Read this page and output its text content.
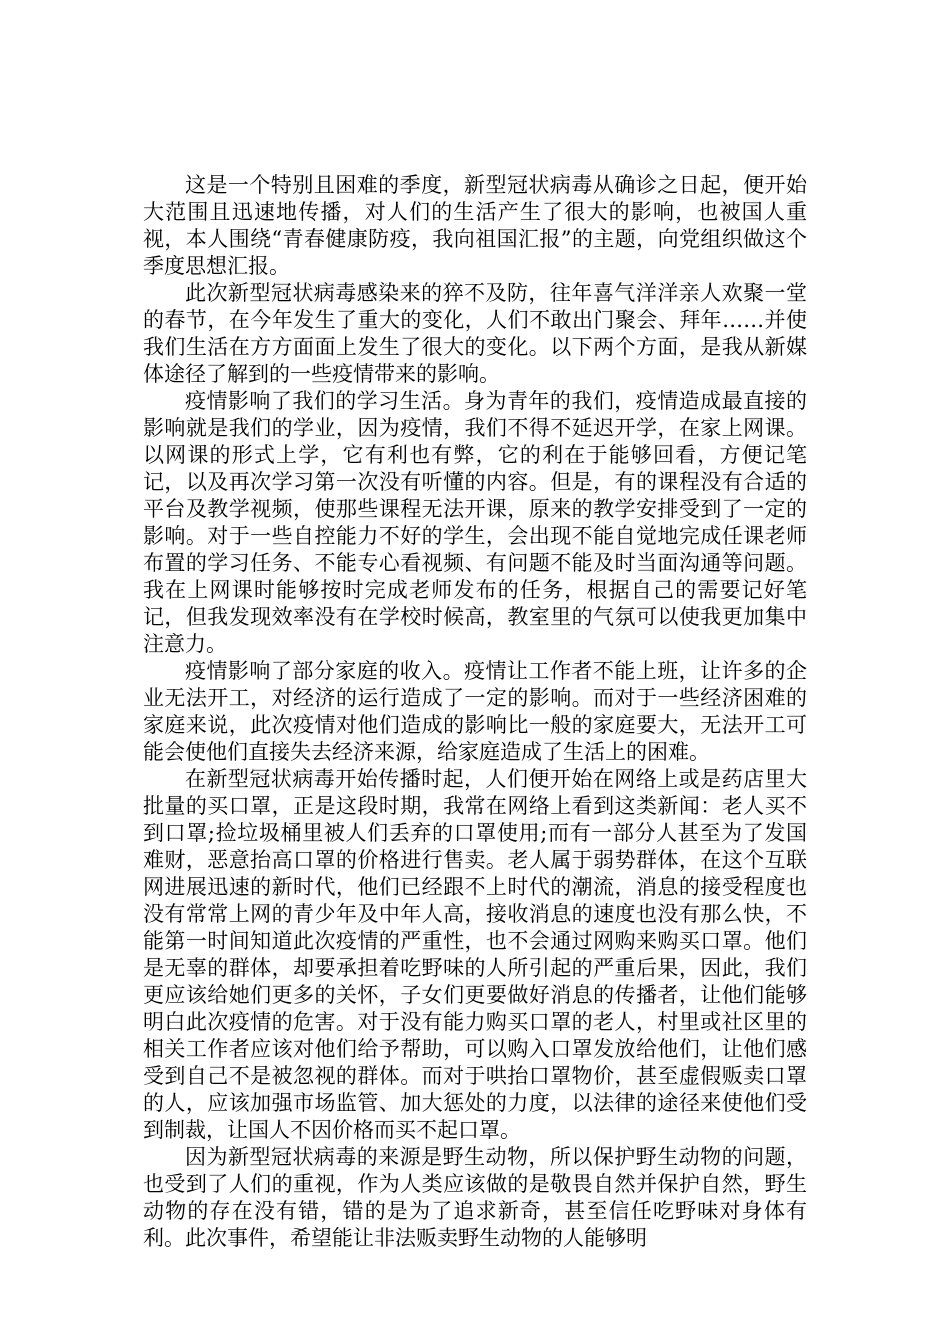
这是一个特别且困难的季度，新型冠状病毒从确诊之日起，便开始大范围且迅速地传播，对人们的生活产生了很大的影响，也被国人重视，本人围绕“青春健康防疫，我向祖国汇报”的主题，向党组织做这个季度思想汇报。

此次新型冠状病毒感染来的猝不及防，往年喜气洋洋亲人欢聚一堂的春节，在今年发生了重大的变化，人们不敢出门聚会、拜年……并使我们生活在方方面面上发生了很大的变化。以下两个方面，是我从新媒体途径了解到的一些疫情带来的影响。

疫情影响了我们的学习生活。身为青年的我们，疫情造成最直接的影响就是我们的学业，因为疫情，我们不得不延迟开学，在家上网课。以网课的形式上学，它有利也有弊，它的利在于能够回看，方便记笔记，以及再次学习第一次没有听懂的内容。但是，有的课程没有合适的平台及教学视频，使那些课程无法开课，原来的教学安排受到了一定的影响。对于一些自控能力不好的学生，会出现不能自觉地完成任课老师布置的学习任务、不能专心看视频、有问题不能及时当面沟通等问题。我在上网课时能够按时完成老师发布的任务，根据自己的需要记好笔记，但我发现效率没有在学校时候高，教室里的气氛可以使我更加集中注意力。

疫情影响了部分家庭的收入。疫情让工作者不能上班，让许多的企业无法开工，对经济的运行造成了一定的影响。而对于一些经济困难的家庭来说，此次疫情对他们造成的影响比一般的家庭要大，无法开工可能会使他们直接失去经济来源，给家庭造成了生活上的困难。

在新型冠状病毒开始传播时起，人们便开始在网络上或是药店里大批量的买口罩，正是这段时期，我常在网络上看到这类新闻：老人买不到口罩;捡垃圾桶里被人们丢弃的口罩使用;而有一部分人甚至为了发国难财，恶意抬高口罩的价格进行售卖。老人属于弱势群体，在这个互联网进展迅速的新时代，他们已经跟不上时代的潮流，消息的接受程度也没有常常上网的青少年及中年人高，接收消息的速度也没有那么快，不能第一时间知道此次疫情的严重性，也不会通过网购来购买口罩。他们是无辜的群体，却要承担着吃野味的人所引起的严重后果，因此，我们更应该给她们更多的关怀，子女们更要做好消息的传播者，让他们能够明白此次疫情的危害。对于没有能力购买口罩的老人，村里或社区里的相关工作者应该对他们给予帮助，可以购入口罩发放给他们，让他们感受到自己不是被忽视的群体。而对于哄抬口罩物价，甚至虚假贩卖口罩的人，应该加强市场监管、加大惩处的力度，以法律的途径来使他们受到制裁，让国人不因价格而买不起口罩。

因为新型冠状病毒的来源是野生动物，所以保护野生动物的问题，也受到了人们的重视，作为人类应该做的是敬畏自然并保护自然，野生动物的存在没有错，错的是为了追求新奇，甚至信任吃野味对身体有利。此次事件，希望能让非法贩卖野生动物的人能够明
